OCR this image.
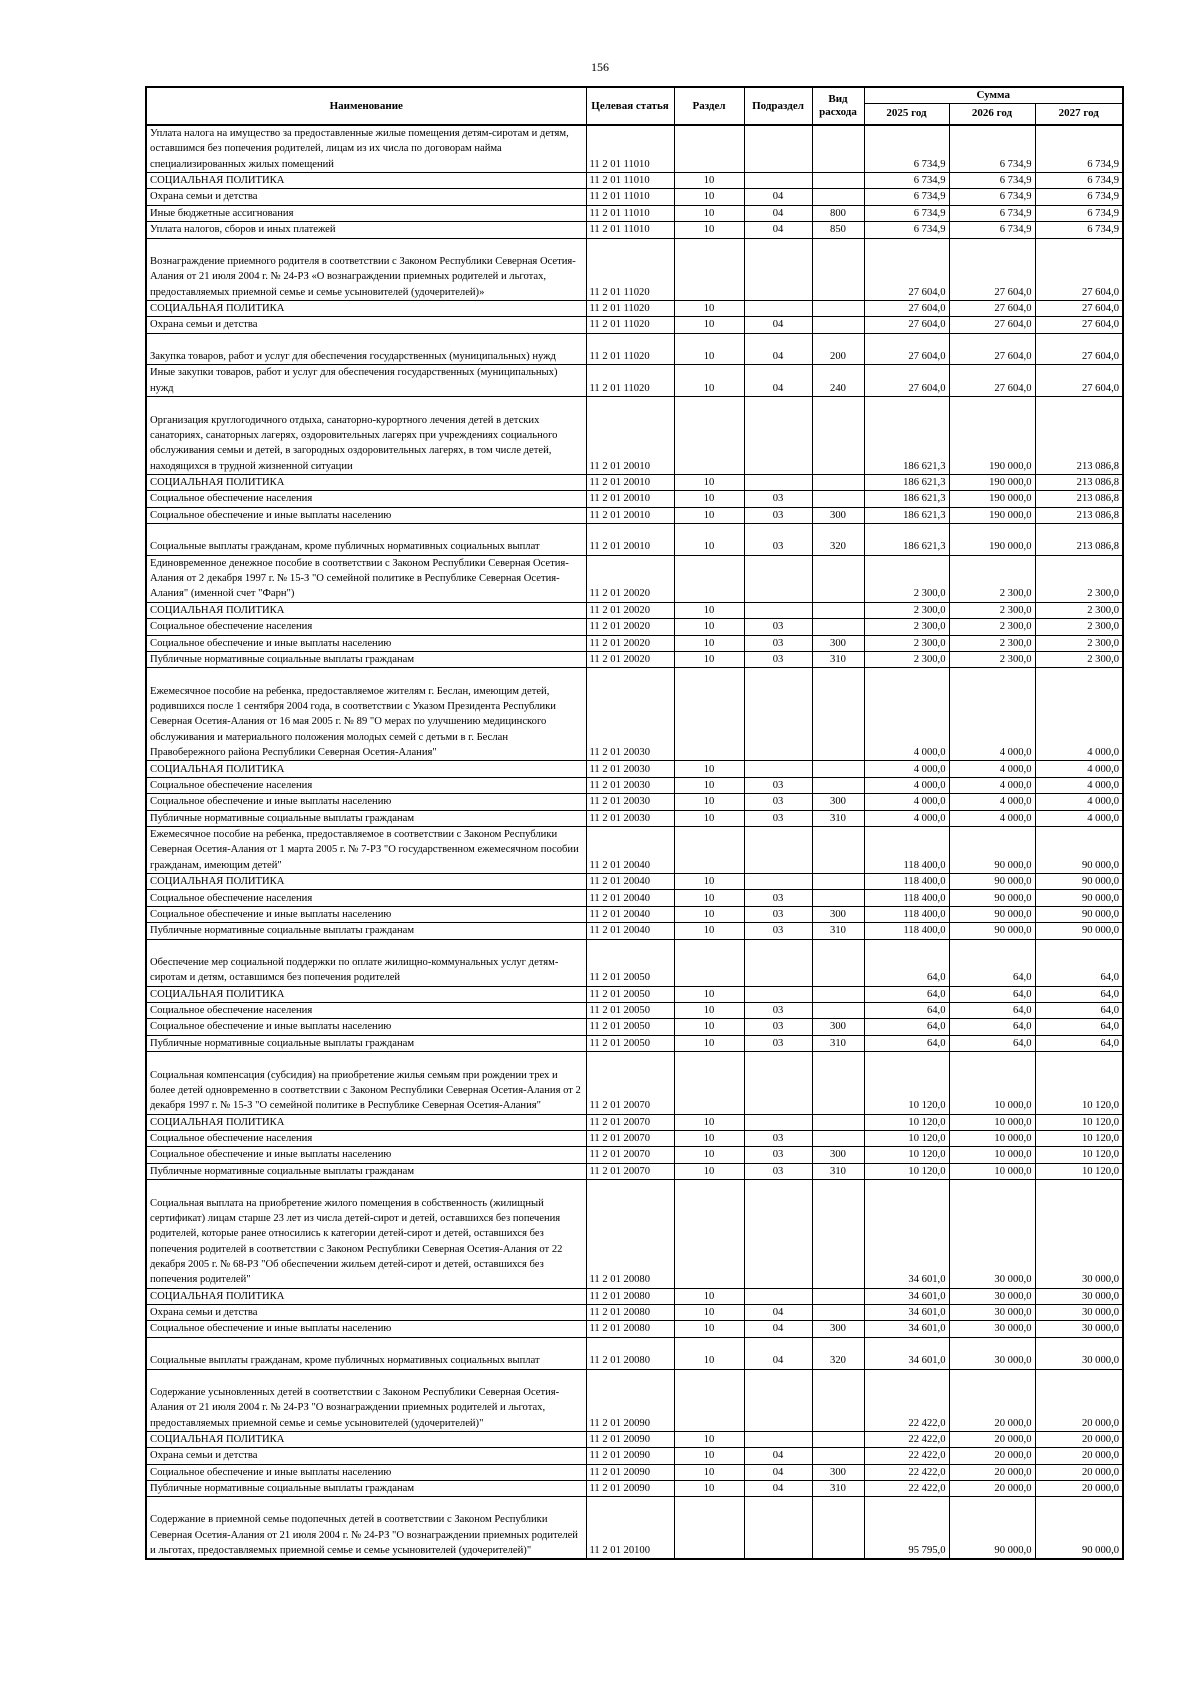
156
Наименование	Целевая статья	Раздел	Подраздел	Вид расхода	Сумма		
					2025 год	2026 год	2027 год
Уплата налога на имущество за предоставленные жилые помещения детям-сиротам и детям, оставшимся без попечения родителей, лицам из их числа по договорам найма специализированных жилых помещений	11 2 01 11010				6 734,9	6 734,9	6 734,9
СОЦИАЛЬНАЯ ПОЛИТИКА	11 2 01 11010	10			6 734,9	6 734,9	6 734,9
Охрана семьи и детства	11 2 01 11010	10	04		6 734,9	6 734,9	6 734,9
Иные бюджетные ассигнования	11 2 01 11010	10	04	800	6 734,9	6 734,9	6 734,9
Уплата налогов, сборов и иных платежей	11 2 01 11010	10	04	850	6 734,9	6 734,9	6 734,9
Вознаграждение приемного родителя в соответствии с Законом Республики Северная Осетия-Алания от 21 июля 2004 г. № 24-РЗ «О вознаграждении приемных родителей и льготах, предоставляемых приемной семье и семье усыновителей (удочерителей)»	11 2 01 11020				27 604,0	27 604,0	27 604,0
СОЦИАЛЬНАЯ ПОЛИТИКА	11 2 01 11020	10			27 604,0	27 604,0	27 604,0
Охрана семьи и детства	11 2 01 11020	10	04		27 604,0	27 604,0	27 604,0
Закупка товаров, работ и услуг для обеспечения государственных (муниципальных) нужд	11 2 01 11020	10	04	200	27 604,0	27 604,0	27 604,0
Иные закупки товаров, работ и услуг для обеспечения государственных (муниципальных) нужд	11 2 01 11020	10	04	240	27 604,0	27 604,0	27 604,0
Организация круглогодичного отдыха, санаторно-курортного лечения детей в детских санаториях, санаторных лагерях, оздоровительных лагерях при учреждениях социального обслуживания семьи и детей, в загородных оздоровительных лагерях, в том числе детей, находящихся в трудной жизненной ситуации	11 2 01 20010				186 621,3	190 000,0	213 086,8
СОЦИАЛЬНАЯ ПОЛИТИКА	11 2 01 20010	10			186 621,3	190 000,0	213 086,8
Социальное обеспечение населения	11 2 01 20010	10	03		186 621,3	190 000,0	213 086,8
Социальное обеспечение и иные выплаты населению	11 2 01 20010	10	03	300	186 621,3	190 000,0	213 086,8
Социальные выплаты гражданам, кроме публичных нормативных социальных выплат	11 2 01 20010	10	03	320	186 621,3	190 000,0	213 086,8
Единовременное денежное пособие в соответствии с Законом Республики Северная Осетия-Алания от 2 декабря 1997 г. № 15-З "О семейной политике в Республике Северная Осетия-Алания" (именной счет "Фарн")	11 2 01 20020				2 300,0	2 300,0	2 300,0
СОЦИАЛЬНАЯ ПОЛИТИКА	11 2 01 20020	10			2 300,0	2 300,0	2 300,0
Социальное обеспечение населения	11 2 01 20020	10	03		2 300,0	2 300,0	2 300,0
Социальное обеспечение и иные выплаты населению	11 2 01 20020	10	03	300	2 300,0	2 300,0	2 300,0
Публичные нормативные социальные выплаты гражданам	11 2 01 20020	10	03	310	2 300,0	2 300,0	2 300,0
Ежемесячное пособие на ребенка, предоставляемое жителям г. Беслан, имеющим детей, родившихся после 1 сентября 2004 года, в соответствии с Указом Президента Республики Северная Осетия-Алания от 16 мая 2005 г. № 89 "О мерах по улучшению медицинского обслуживания и материального положения молодых семей с детьми в г. Беслан Правобережного района Республики Северная Осетия-Алания"	11 2 01 20030				4 000,0	4 000,0	4 000,0
СОЦИАЛЬНАЯ ПОЛИТИКА	11 2 01 20030	10			4 000,0	4 000,0	4 000,0
Социальное обеспечение населения	11 2 01 20030	10	03		4 000,0	4 000,0	4 000,0
Социальное обеспечение и иные выплаты населению	11 2 01 20030	10	03	300	4 000,0	4 000,0	4 000,0
Публичные нормативные социальные выплаты гражданам	11 2 01 20030	10	03	310	4 000,0	4 000,0	4 000,0
Ежемесячное пособие на ребенка, предоставляемое в соответствии с Законом Республики Северная Осетия-Алания от 1 марта 2005 г. № 7-РЗ "О государственном ежемесячном пособии гражданам, имеющим детей"	11 2 01 20040				118 400,0	90 000,0	90 000,0
СОЦИАЛЬНАЯ ПОЛИТИКА	11 2 01 20040	10			118 400,0	90 000,0	90 000,0
Социальное обеспечение населения	11 2 01 20040	10	03		118 400,0	90 000,0	90 000,0
Социальное обеспечение и иные выплаты населению	11 2 01 20040	10	03	300	118 400,0	90 000,0	90 000,0
Публичные нормативные социальные выплаты гражданам	11 2 01 20040	10	03	310	118 400,0	90 000,0	90 000,0
Обеспечение мер социальной поддержки по оплате жилищно-коммунальных услуг детям-сиротам и детям, оставшимся без попечения родителей	11 2 01 20050				64,0	64,0	64,0
СОЦИАЛЬНАЯ ПОЛИТИКА	11 2 01 20050	10			64,0	64,0	64,0
Социальное обеспечение населения	11 2 01 20050	10	03		64,0	64,0	64,0
Социальное обеспечение и иные выплаты населению	11 2 01 20050	10	03	300	64,0	64,0	64,0
Публичные нормативные социальные выплаты гражданам	11 2 01 20050	10	03	310	64,0	64,0	64,0
Социальная компенсация (субсидия) на приобретение жилья семьям при рождении трех и более детей одновременно в соответствии с Законом Республики Северная Осетия-Алания от 2 декабря 1997 г. № 15-З "О семейной политике в Республике Северная Осетия-Алания"	11 2 01 20070				10 120,0	10 000,0	10 120,0
СОЦИАЛЬНАЯ ПОЛИТИКА	11 2 01 20070	10			10 120,0	10 000,0	10 120,0
Социальное обеспечение населения	11 2 01 20070	10	03		10 120,0	10 000,0	10 120,0
Социальное обеспечение и иные выплаты населению	11 2 01 20070	10	03	300	10 120,0	10 000,0	10 120,0
Публичные нормативные социальные выплаты гражданам	11 2 01 20070	10	03	310	10 120,0	10 000,0	10 120,0
Социальная выплата на приобретение жилого помещения в собственность (жилищный сертификат) лицам старше 23 лет из числа детей-сирот и детей, оставшихся без попечения родителей, которые ранее относились к категории детей-сирот и детей, оставшихся без попечения родителей в соответствии с Законом Республики Северная Осетия-Алания от 22 декабря 2005 г. № 68-РЗ "Об обеспечении жильем детей-сирот и детей, оставшихся без попечения родителей"	11 2 01 20080				34 601,0	30 000,0	30 000,0
СОЦИАЛЬНАЯ ПОЛИТИКА	11 2 01 20080	10			34 601,0	30 000,0	30 000,0
Охрана семьи и детства	11 2 01 20080	10	04		34 601,0	30 000,0	30 000,0
Социальное обеспечение и иные выплаты населению	11 2 01 20080	10	04	300	34 601,0	30 000,0	30 000,0
Социальные выплаты гражданам, кроме публичных нормативных социальных выплат	11 2 01 20080	10	04	320	34 601,0	30 000,0	30 000,0
Содержание усыновленных детей в соответствии с Законом Республики Северная Осетия-Алания от 21 июля 2004 г. № 24-РЗ "О вознаграждении приемных родителей и льготах, предоставляемых приемной семье и семье усыновителей (удочерителей)"	11 2 01 20090				22 422,0	20 000,0	20 000,0
СОЦИАЛЬНАЯ ПОЛИТИКА	11 2 01 20090	10			22 422,0	20 000,0	20 000,0
Охрана семьи и детства	11 2 01 20090	10	04		22 422,0	20 000,0	20 000,0
Социальное обеспечение и иные выплаты населению	11 2 01 20090	10	04	300	22 422,0	20 000,0	20 000,0
Публичные нормативные социальные выплаты гражданам	11 2 01 20090	10	04	310	22 422,0	20 000,0	20 000,0
Содержание в приемной семье подопечных детей в соответствии с Законом Республики Северная Осетия-Алания от 21 июля 2004 г. № 24-РЗ "О вознаграждении приемных родителей и льготах, предоставляемых приемной семье и семье усыновителей (удочерителей)"	11 2 01 20100				95 795,0	90 000,0	90 000,0
